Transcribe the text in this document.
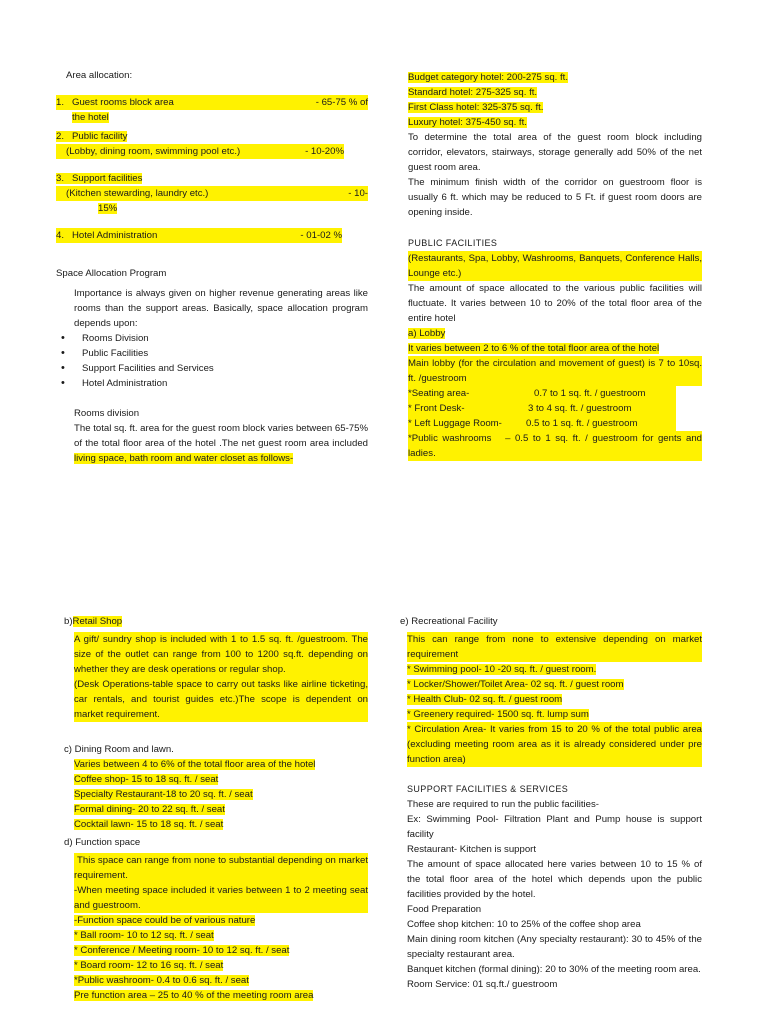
Area allocation:

1. Guest rooms block area	- 65-75 % of
the hotel
2. Public facility
(Lobby, dining room, swimming pool etc.)	- 10-20%
3. Support facilities
(Kitchen stewarding, laundry etc.)	- 10-
15%
4. Hotel Administration	- 01-02 %

Space Allocation Program

Importance is always given on higher revenue generating areas like rooms than the support areas. Basically, space allocation program depends upon:

• Rooms Division
• Public Facilities
• Support Facilities and Services
• Hotel Administration

Rooms division

The total sq. ft. area for the guest room block varies between 65-75% of the total floor area of the hotel .The net guest room area included living space, bath room and water closet as follows-

Budget category hotel: 200-275 sq. ft.
Standard hotel: 275-325 sq. ft.
First Class hotel: 325-375 sq. ft.
Luxury hotel: 375-450 sq. ft.

To determine the total area of the guest room block including corridor, elevators, stairways, storage generally add 50% of the net guest room area.

The minimum finish width of the corridor on guestroom floor is usually 6 ft. which may be reduced to 5 Ft. if guest room doors are opening inside.

PUBLIC FACILITIES

(Restaurants, Spa, Lobby, Washrooms, Banquets, Conference Halls, Lounge etc.)

The amount of space allocated to the various public facilities will fluctuate. It varies between 10 to 20% of the total floor area of the entire hotel

a) Lobby
It varies between 2 to 6 % of the total floor area of the hotel

Main lobby (for the circulation and movement of guest) is 7 to 10sq. ft. /guestroom

*Seating area-	0.7 to 1 sq. ft. / guestroom
* Front Desk-	3 to 4 sq. ft. / guestroom
* Left Luggage Room-	0.5 to 1 sq. ft. / guestroom

*Public washrooms   – 0.5 to 1 sq. ft. / guestroom for gents and ladies.

b)Retail Shop

A gift/ sundry shop is included with 1 to 1.5 sq. ft. /guestroom. The size of the outlet can range from 100 to 1200 sq.ft. depending on whether they are desk operations or regular shop.

(Desk Operations-table space to carry out tasks like airline ticketing, car rentals, and tourist guides etc.)The scope is dependent on market requirement.

c) Dining Room and lawn.

Varies between 4 to 6% of the total floor area of the hotel
Coffee shop- 15 to 18 sq. ft. / seat
Specialty Restaurant-18 to 20 sq. ft. / seat
Formal dining- 20 to 22 sq. ft. / seat
Cocktail lawn- 15 to 18 sq. ft. / seat

d) Function space

This space can range from none to substantial depending on market requirement.

-When meeting space included it varies between 1 to 2 meeting seat and guestroom.

-Function space could be of various nature
* Ball room- 10 to 12 sq. ft. / seat
* Conference / Meeting room- 10 to 12 sq. ft. / seat
* Board room- 12 to 16 sq. ft. / seat
*Public washroom- 0.4 to 0.6 sq. ft. / seat
Pre function area – 25 to 40 % of the meeting room area

e) Recreational Facility

This can range from none to extensive depending on market requirement

* Swimming pool- 10 -20 sq. ft. / guest room.
* Locker/Shower/Toilet Area- 02 sq. ft. / guest room
* Health Club- 02 sq. ft. / guest room
* Greenery required- 1500 sq. ft. lump sum

* Circulation Area- It varies from 15 to 20 % of the total public area (excluding meeting room area as it is already considered under pre function area)

SUPPORT FACILITIES & SERVICES

These are required to run the public facilities-

Ex: Swimming Pool- Filtration Plant and Pump house is support facility

Restaurant- Kitchen is support

The amount of space allocated here varies between 10 to 15 % of the total floor area of the hotel which depends upon the public facilities provided by the hotel.

Food Preparation
Coffee shop kitchen: 10 to 25% of the coffee shop area

Main dining room kitchen (Any specialty restaurant): 30 to 45% of the specialty restaurant area.

Banquet kitchen (formal dining): 20 to 30% of the meeting room area.

Room Service: 01 sq.ft./ guestroom
